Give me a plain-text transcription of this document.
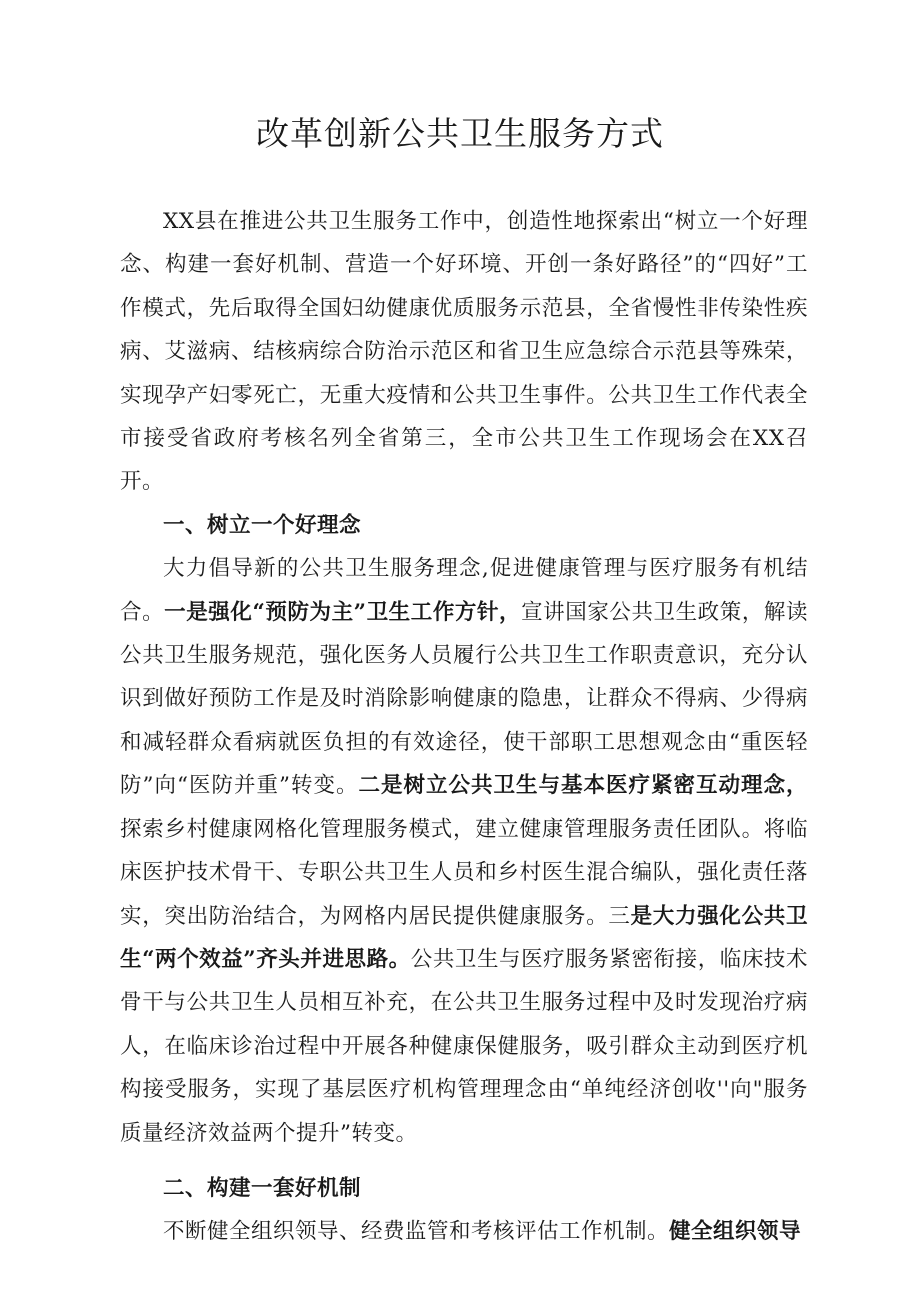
改革创新公共卫生服务方式

XX县在推进公共卫生服务工作中，创造性地探索出“树立一个好理念、构建一套好机制、营造一个好环境、开创一条好路径”的“四好”工作模式，先后取得全国妇幼健康优质服务示范县，全省慢性非传染性疾病、艾滋病、结核病综合防治示范区和省卫生应急综合示范县等殊荣，实现孕产妇零死亡，无重大疫情和公共卫生事件。公共卫生工作代表全市接受省政府考核名列全省第三，全市公共卫生工作现场会在XX召开。

一、树立一个好理念

大力倡导新的公共卫生服务理念,促进健康管理与医疗服务有机结合。一是强化“预防为主”卫生工作方针，宣讲国家公共卫生政策，解读公共卫生服务规范，强化医务人员履行公共卫生工作职责意识，充分认识到做好预防工作是及时消除影响健康的隐患，让群众不得病、少得病和减轻群众看病就医负担的有效途径，使干部职工思想观念由“重医轻防”向“医防并重”转变。二是树立公共卫生与基本医疗紧密互动理念，探索乡村健康网格化管理服务模式，建立健康管理服务责任团队。将临床医护技术骨干、专职公共卫生人员和乡村医生混合编队，强化责任落实，突出防治结合，为网格内居民提供健康服务。三是大力强化公共卫生“两个效益”齐头并进思路。公共卫生与医疗服务紧密衔接，临床技术骨干与公共卫生人员相互补充，在公共卫生服务过程中及时发现治疗病人，在临床诊治过程中开展各种健康保健服务，吸引群众主动到医疗机构接受服务，实现了基层医疗机构管理理念由“单纯经济创收''向"服务质量经济效益两个提升”转变。

二、构建一套好机制

不断健全组织领导、经费监管和考核评估工作机制。健全组织领导
